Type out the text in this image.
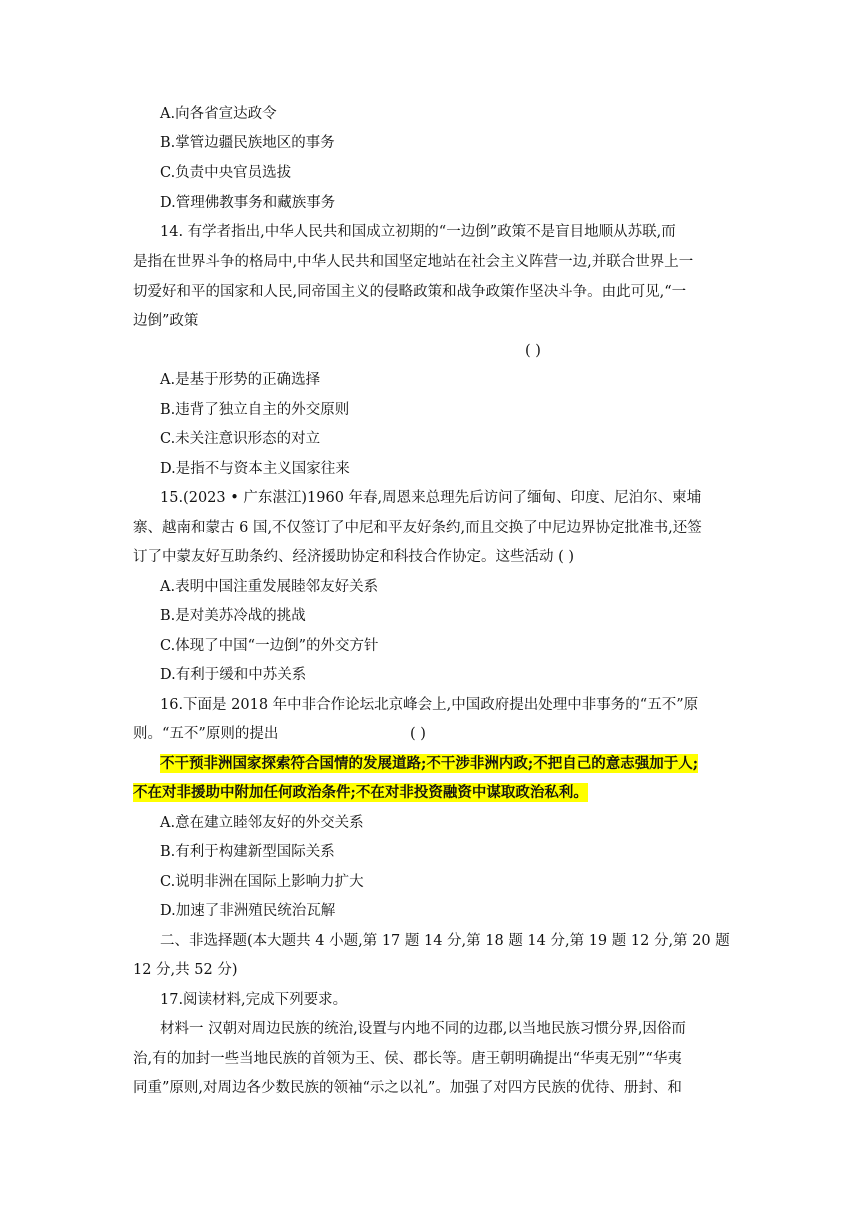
A.向各省宣达政令
B.掌管边疆民族地区的事务
C.负责中央官员选拔
D.管理佛教事务和藏族事务
14. 有学者指出,中华人民共和国成立初期的“一边倒”政策不是盲目地顺从苏联,而
是指在世界斗争的格局中,中华人民共和国坚定地站在社会主义阵营一边,并联合世界上一
切爱好和平的国家和人民,同帝国主义的侵略政策和战争政策作坚决斗争。由此可见,“一
边倒”政策
( )
A.是基于形势的正确选择
B.违背了独立自主的外交原则
C.未关注意识形态的对立
D.是指不与资本主义国家往来
15.(2023 • 广东湛江)1960 年春,周恩来总理先后访问了缅甸、印度、尼泊尔、柬埔
寨、越南和蒙古 6 国,不仅签订了中尼和平友好条约,而且交换了中尼边界协定批准书,还签
订了中蒙友好互助条约、经济援助协定和科技合作协定。这些活动 ( )
A.表明中国注重发展睦邻友好关系
B.是对美苏冷战的挑战
C.体现了中国“一边倒”的外交方针
D.有利于缓和中苏关系
16.下面是 2018 年中非合作论坛北京峰会上,中国政府提出处理中非事务的“五不”原
则。“五不”原则的提出	( )
不干预非洲国家探索符合国情的发展道路;不干涉非洲内政;不把自己的意志强加于人;
不在对非援助中附加任何政治条件;不在对非投资融资中谋取政治私利。
A.意在建立睦邻友好的外交关系
B.有利于构建新型国际关系
C.说明非洲在国际上影响力扩大
D.加速了非洲殖民统治瓦解
二、非选择题(本大题共 4 小题,第 17 题 14 分,第 18 题 14 分,第 19 题 12 分,第 20 题
12 分,共 52 分)
17.阅读材料,完成下列要求。
材料一 汉朝对周边民族的统治,设置与内地不同的边郡,以当地民族习惯分界,因俗而
治,有的加封一些当地民族的首领为王、侯、郡长等。唐王朝明确提出“华夷无别”“华夷
同重”原则,对周边各少数民族的领袖“示之以礼”。加强了对四方民族的优待、册封、和
